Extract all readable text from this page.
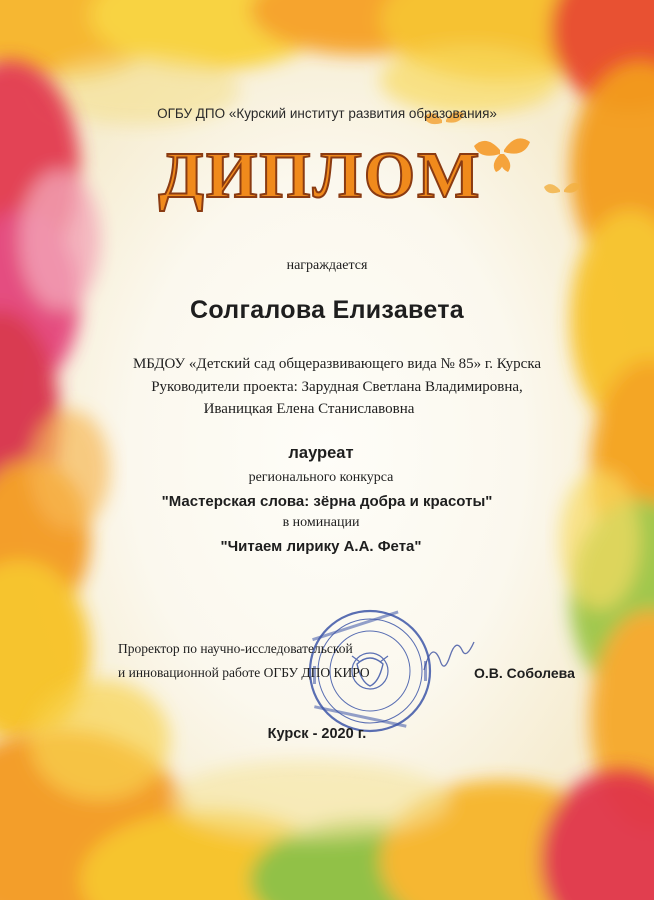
ОГБУ ДПО «Курский институт развития образования»
ДИПЛОМ
награждается
Солгалова Елизавета
МБДОУ «Детский сад общеразвивающего вида № 85» г. Курска
Руководители проекта: Зарудная Светлана Владимировна,
Иваницкая Елена Станиславовна
лауреат
регионального конкурса
"Мастерская слова: зёрна добра и красоты"
в номинации
"Читаем лирику А.А. Фета"
Проректор по научно-исследовательской
и инновационной работе ОГБУ ДПО КИРО	О.В. Соболева
Курск - 2020 г.
